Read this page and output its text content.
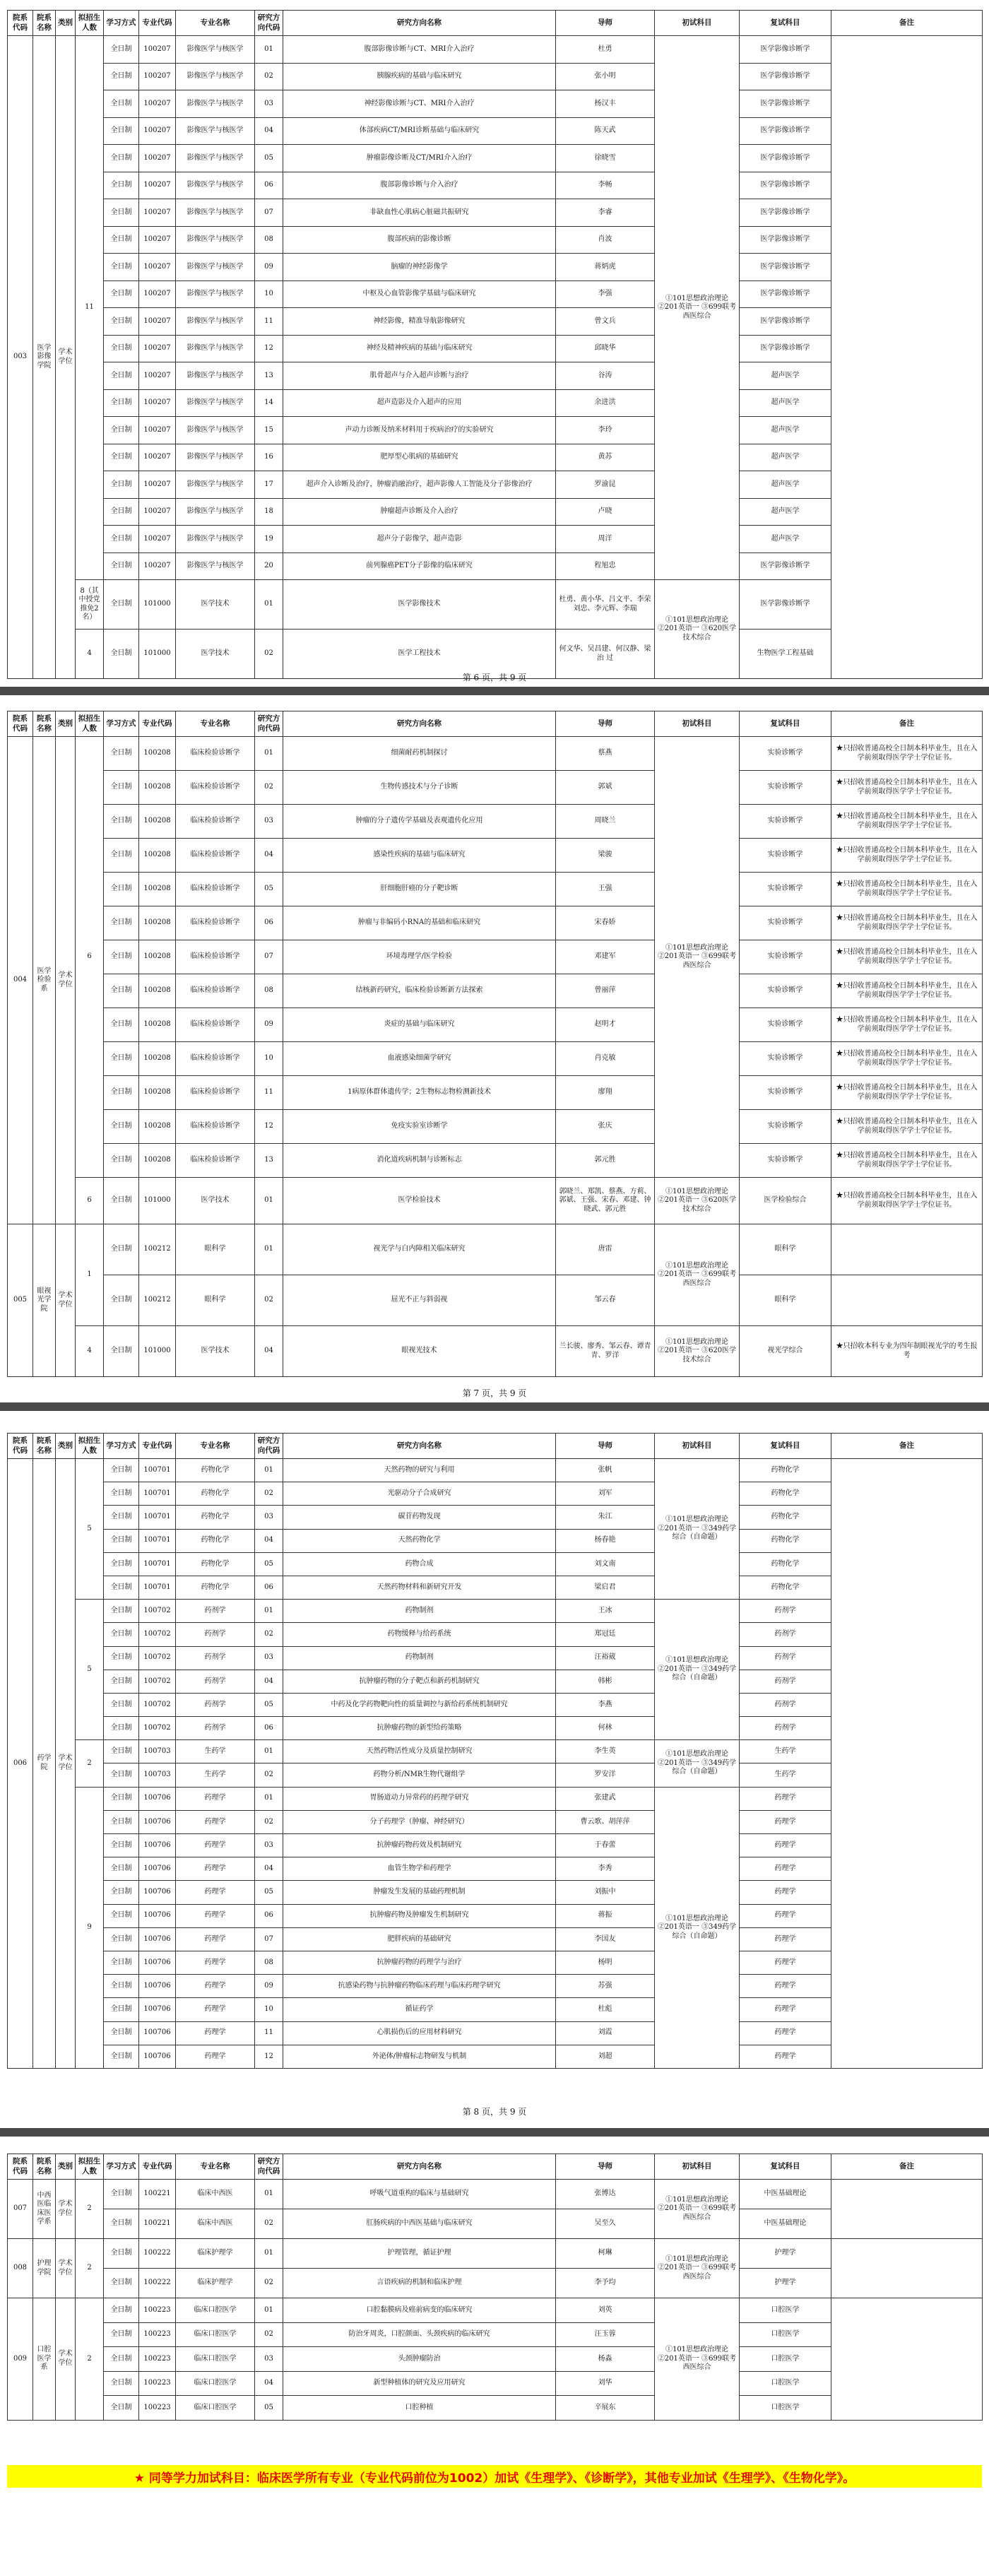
院系代码	院系名称	类别	拟招生人数	学习方式	专业代码	专业名称	研究方向代码	研究方向名称	导师	初试科目	复试科目	备注
003	医学影像学院	学术学位	11	全日制	100207	影像医学与核医学	01	腹部影像诊断与CT、MRI介入治疗	杜勇	①101思想政治理论 ②201英语一 ③699联考西医综合	医学影像诊断学	
				全日制	100207	影像医学与核医学	02	胰腺疾病的基础与临床研究	张小明		医学影像诊断学	
				全日制	100207	影像医学与核医学	03	神经影像诊断与CT、MRI介入治疗	杨汉丰		医学影像诊断学	
				全日制	100207	影像医学与核医学	04	体部疾病CT/MRI诊断基础与临床研究	陈天武		医学影像诊断学	
				全日制	100207	影像医学与核医学	05	肿瘤影像诊断及CT/MRI介入治疗	徐晓雪		医学影像诊断学	
				全日制	100207	影像医学与核医学	06	腹部影像诊断与介入治疗	李畅		医学影像诊断学	
				全日制	100207	影像医学与核医学	07	非缺血性心肌病心脏磁共振研究	李睿		医学影像诊断学	
				全日制	100207	影像医学与核医学	08	腹部疾病的影像诊断	肖波		医学影像诊断学	
				全日制	100207	影像医学与核医学	09	脑瘤的神经影像学	蒋炳虎		医学影像诊断学	
				全日制	100207	影像医学与核医学	10	中枢及心血管影像学基础与临床研究	李强		医学影像诊断学	
				全日制	100207	影像医学与核医学	11	神经影像，精准导航影像研究	曾文兵		医学影像诊断学	
				全日制	100207	影像医学与核医学	12	神经及精神疾病的基础与临床研究	邱晓华		医学影像诊断学	
				全日制	100207	影像医学与核医学	13	肌骨超声与介入超声诊断与治疗	谷涛		超声医学	
				全日制	100207	影像医学与核医学	14	超声造影及介入超声的应用	余进洪		超声医学	
				全日制	100207	影像医学与核医学	15	声动力诊断及纳米材料用于疾病治疗的实验研究	李玲		超声医学	
				全日制	100207	影像医学与核医学	16	肥厚型心肌病的基础研究	黄苏		超声医学	
				全日制	100207	影像医学与核医学	17	超声介入诊断及治疗，肿瘤消融治疗，超声影像人工智能及分子影像治疗	罗渝昆		超声医学	
				全日制	100207	影像医学与核医学	18	肿瘤超声诊断及介入治疗	卢晓		超声医学	
				全日制	100207	影像医学与核医学	19	超声分子影像学，超声造影	周洋		超声医学	
				全日制	100207	影像医学与核医学	20	前列腺癌PET分子影像的临床研究	程旭忠		医学影像诊断学	
			8（其中授党推免2名）	全日制	101000	医学技术	01	医学影像技术	杜勇、黄小华、吕文平、李荣 刘忠、李元辉、李瑞	①101思想政治理论 ②201英语一 ③620医学技术综合	医学影像诊断学	
			4	全日制	101000	医学技术	02	医学工程技术	何文华、吴昌建、何汉静、梁治 过		生物医学工程基础	
第 6 页，共 9 页
院系代码	院系名称	类别	拟招生人数	学习方式	专业代码	专业名称	研究方向代码	研究方向名称	导师	初试科目	复试科目	备注
004	医学检验系	学术学位	6	全日制	100208	临床检验诊断学	01	细菌耐药机制探讨	蔡燕	①101思想政治理论 ②201英语一 ③699联考西医综合	实验诊断学	★只招收普通高校全日制本科毕业生，且在入学前须取得医学学士学位证书。
				全日制	100208	临床检验诊断学	02	生物传感技术与分子诊断	郭斌		实验诊断学	★只招收普通高校全日制本科毕业生，且在入学前须取得医学学士学位证书。
				全日制	100208	临床检验诊断学	03	肿瘤的分子遗传学基础及表观遗传化应用	周晓兰		实验诊断学	★只招收普通高校全日制本科毕业生，且在入学前须取得医学学士学位证书。
				全日制	100208	临床检验诊断学	04	感染性疾病的基础与临床研究	梁骏		实验诊断学	★只招收普通高校全日制本科毕业生，且在入学前须取得医学学士学位证书。
				全日制	100208	临床检验诊断学	05	肝细胞肝癌的分子靶诊断	王强		实验诊断学	★只招收普通高校全日制本科毕业生，且在入学前须取得医学学士学位证书。
				全日制	100208	临床检验诊断学	06	肿瘤与非编码小RNA的基础和临床研究	宋春娇		实验诊断学	★只招收普通高校全日制本科毕业生，且在入学前须取得医学学士学位证书。
				全日制	100208	临床检验诊断学	07	环境毒理学/医学检验	邓建军		实验诊断学	★只招收普通高校全日制本科毕业生，且在入学前须取得医学学士学位证书。
				全日制	100208	临床检验诊断学	08	结核新药研究，临床检验诊断新方法探索	曾丽萍		实验诊断学	★只招收普通高校全日制本科毕业生，且在入学前须取得医学学士学位证书。
				全日制	100208	临床检验诊断学	09	炎症的基础与临床研究	赵明才		实验诊断学	★只招收普通高校全日制本科毕业生，且在入学前须取得医学学士学位证书。
				全日制	100208	临床检验诊断学	10	血液感染细菌学研究	肖克敏		实验诊断学	★只招收普通高校全日制本科毕业生，且在入学前须取得医学学士学位证书。
				全日制	100208	临床检验诊断学	11	1病原体群体遗传学；2生物标志物检测新技术	廖翔		实验诊断学	★只招收普通高校全日制本科毕业生，且在入学前须取得医学学士学位证书。
				全日制	100208	临床检验诊断学	12	免疫实验室诊断学	张庆		实验诊断学	★只招收普通高校全日制本科毕业生，且在入学前须取得医学学士学位证书。
				全日制	100208	临床检验诊断学	13	消化道疾病机制与诊断标志	郭元胜		实验诊断学	★只招收普通高校全日制本科毕业生，且在入学前须取得医学学士学位证书。
			6	全日制	101000	医学技术	01	医学检验技术	郭晓兰、郑凯、蔡燕、方莉、郭斌、王强、宋春、邓建、钟晓武、郭元胜	①101思想政治理论 ②201英语一 ③620医学技术综合	医学检验综合	★只招收普通高校全日制本科毕业生，且在入学前须取得医学学士学位证书。
005	眼视光学院	学术学位	1	全日制	100212	眼科学	01	视光学与白内障相关临床研究	唐雷	①101思想政治理论 ②201英语一 ③699联考西医综合	眼科学	
				全日制	100212	眼科学	02	屈光不正与斜弱视	邹云春		眼科学	
			4	全日制	101000	医学技术	04	眼视光技术	兰长骏、廖秀、邹云春、谭青青、罗洋	①101思想政治理论 ②201英语一 ③620医学技术综合	视光学综合	★只招收本科专业为四年制眼视光学的考生报考
第 7 页，共 9 页
院系代码	院系名称	类别	拟招生人数	学习方式	专业代码	专业名称	研究方向代码	研究方向名称	导师	初试科目	复试科目	备注
006	药学院	学术学位	5	全日制	100701	药物化学	01	天然药物的研究与利用	张帆	①101思想政治理论 ②201英语一 ③349药学综合（自命题）	药物化学	
				全日制	100701	药物化学	02	光驱动分子合成研究	刘军		药物化学	
				全日制	100701	药物化学	03	碳苷药物发现	朱江		药物化学	
				全日制	100701	药物化学	04	天然药物化学	杨春艳		药物化学	
				全日制	100701	药物化学	05	药物合成	刘文南		药物化学	
				全日制	100701	药物化学	06	天然药物材料和新研究开发	梁启君		药物化学	
			5	全日制	100702	药剂学	01	药物制剂	王冰	①101思想政治理论 ②201英语一 ③349药学综合（自命题）	药剂学	
				全日制	100702	药剂学	02	药物缓释与给药系统	郑冠廷		药剂学	
				全日制	100702	药剂学	03	药物制剂	汪裕葳		药剂学	
				全日制	100702	药剂学	04	抗肿瘤药物的分子靶点和新药机制研究	韩彬		药剂学	
				全日制	100702	药剂学	05	中药及化学药物靶向性的质量调控与新给药系统机制研究	李燕		药剂学	
				全日制	100702	药剂学	06	抗肿瘤药物的新型给药策略	何林		药剂学	
			2	全日制	100703	生药学	01	天然药物活性成分及质量控制研究	李生英	①101思想政治理论 ②201英语一 ③349药学综合（自命题）	生药学	
				全日制	100703	生药学	02	药物分析/NMR生物代谢组学	罗安洋		生药学	
			9	全日制	100706	药理学	01	胃肠道动力异常药的药理学研究	张建武	①101思想政治理论 ②201英语一 ③349药学综合（自命题）	药理学	
				全日制	100706	药理学	02	分子药理学（肿瘤、神经研究）	曹云歌、胡萍萍		药理学	
				全日制	100706	药理学	03	抗肿瘤药物药效及机制研究	于春蕾		药理学	
				全日制	100706	药理学	04	血管生物学和药理学	李秀		药理学	
				全日制	100706	药理学	05	肿瘤发生发展的基础药理机制	刘振中		药理学	
				全日制	100706	药理学	06	抗肿瘤药物及肿瘤发生机制研究	蒋振		药理学	
				全日制	100706	药理学	07	肥胖疾病的基础研究	李国友		药理学	
				全日制	100706	药理学	08	抗肿瘤药物的药理学与治疗	杨明		药理学	
				全日制	100706	药理学	09	抗感染药物与抗肿瘤药物临床药理与临床药理学研究	苏强		药理学	
				全日制	100706	药理学	10	循证药学	杜彪		药理学	
				全日制	100706	药理学	11	心肌损伤后的应用材料研究	刘霞		药理学	
				全日制	100706	药理学	12	外泌体/肿瘤标志物研发与机制	刘超		药理学	
第 8 页，共 9 页
院系代码	院系名称	类别	拟招生人数	学习方式	专业代码	专业名称	研究方向代码	研究方向名称	导师	初试科目	复试科目	备注
007	中西医临床医学系	学术学位	2	全日制	100221	临床中西医	01	呼吸气道重构的临床与基础研究	张博达	①101思想政治理论 ②201英语一 ③699联考西医综合	中医基础理论	
				全日制	100221	临床中西医	02	肛肠疾病的中西医基础与临床研究	吴至久		中医基础理论	
008	护理学院	学术学位	2	全日制	100222	临床护理学	01	护理管理，循证护理	柯琳	①101思想政治理论 ②201英语一 ③699联考西医综合	护理学	
				全日制	100222	临床护理学	02	言语疾病的机制和临床护理	李予均		护理学	
009	口腔医学系	学术学位	2	全日制	100223	临床口腔医学	01	口腔黏膜病及癌前病变的临床研究	刘英	①101思想政治理论 ②201英语一 ③699联考西医综合	口腔医学	
				全日制	100223	临床口腔医学	02	防治牙周炎，口腔颜面、头颈疾病的临床研究	汪玉蓉		口腔医学	
				全日制	100223	临床口腔医学	03	头颈肿瘤防治	杨淼		口腔医学	
				全日制	100223	临床口腔医学	04	新型种植体的研究及应用研究	刘华		口腔医学	
				全日制	100223	临床口腔医学	05	口腔种植	辛展东		口腔医学	
★ 同等学力加试科目：临床医学所有专业（专业代码前位为1002）加试《生理学》、《诊断学》，其他专业加试《生理学》、《生物化学》。
